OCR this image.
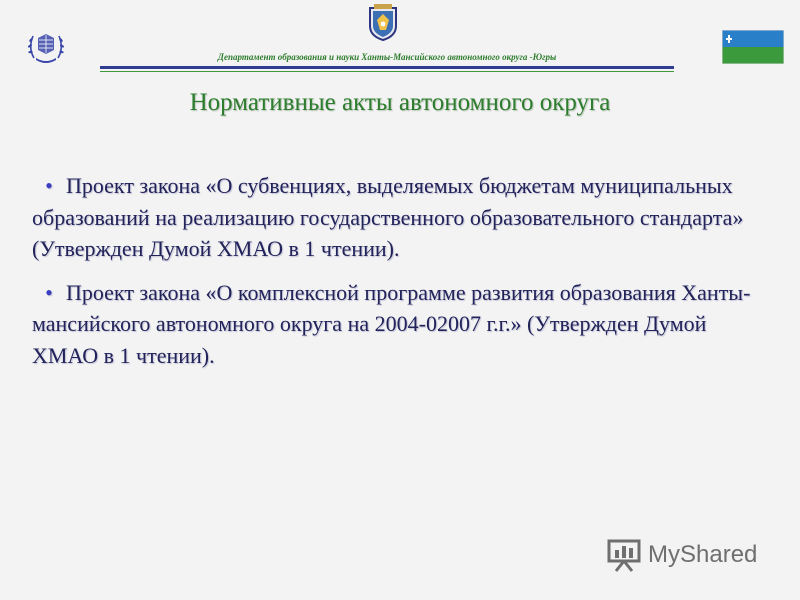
Департамент образования и науки Ханты-Мансийского автономного округа -Югры
Нормативные акты автономного округа

• Проект закона «О субвенциях, выделяемых бюджетам муниципальных образований на реализацию государственного образовательного стандарта» (Утвержден Думой ХМАО в 1 чтении).

• Проект закона «О комплексной программе развития образования Ханты-мансийского автономного округа на 2004-02007 г.г.» (Утвержден Думой ХМАО в 1 чтении).

MyShared
